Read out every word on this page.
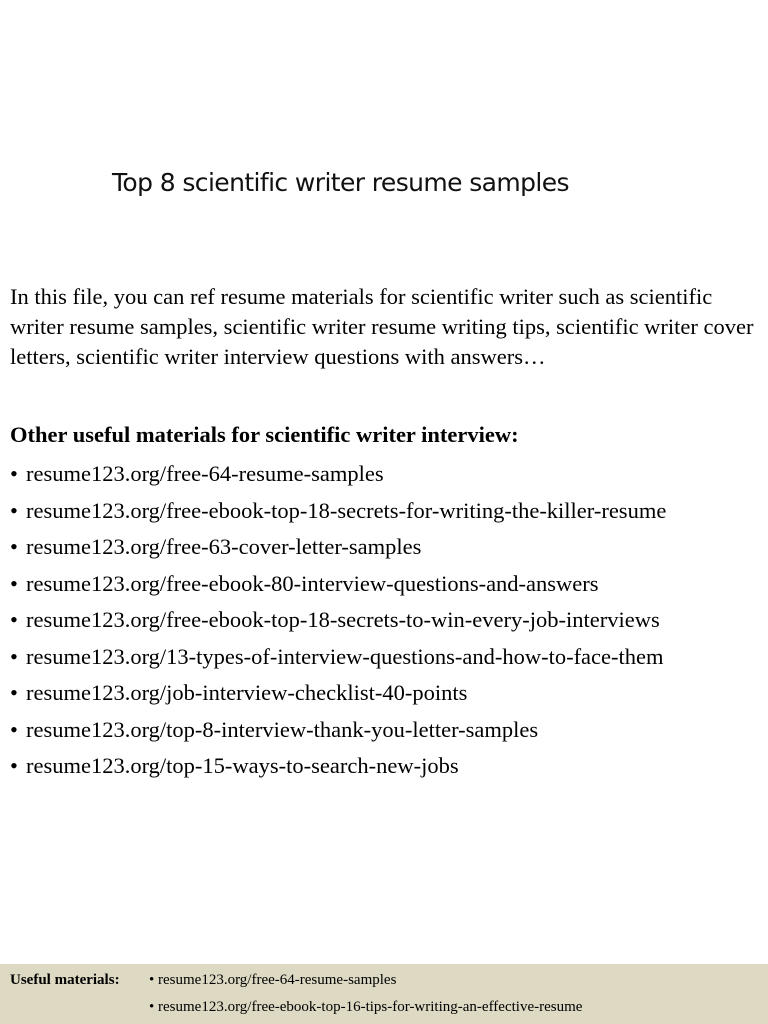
Top 8 scientific writer resume samples
In this file, you can ref resume materials for scientific writer such as scientific writer resume samples, scientific writer resume writing tips, scientific writer cover letters, scientific writer interview questions with answers…
Other useful materials for scientific writer interview:
• resume123.org/free-64-resume-samples
• resume123.org/free-ebook-top-18-secrets-for-writing-the-killer-resume
• resume123.org/free-63-cover-letter-samples
• resume123.org/free-ebook-80-interview-questions-and-answers
• resume123.org/free-ebook-top-18-secrets-to-win-every-job-interviews
• resume123.org/13-types-of-interview-questions-and-how-to-face-them
• resume123.org/job-interview-checklist-40-points
• resume123.org/top-8-interview-thank-you-letter-samples
• resume123.org/top-15-ways-to-search-new-jobs
Useful materials: • resume123.org/free-64-resume-samples
• resume123.org/free-ebook-top-16-tips-for-writing-an-effective-resume
